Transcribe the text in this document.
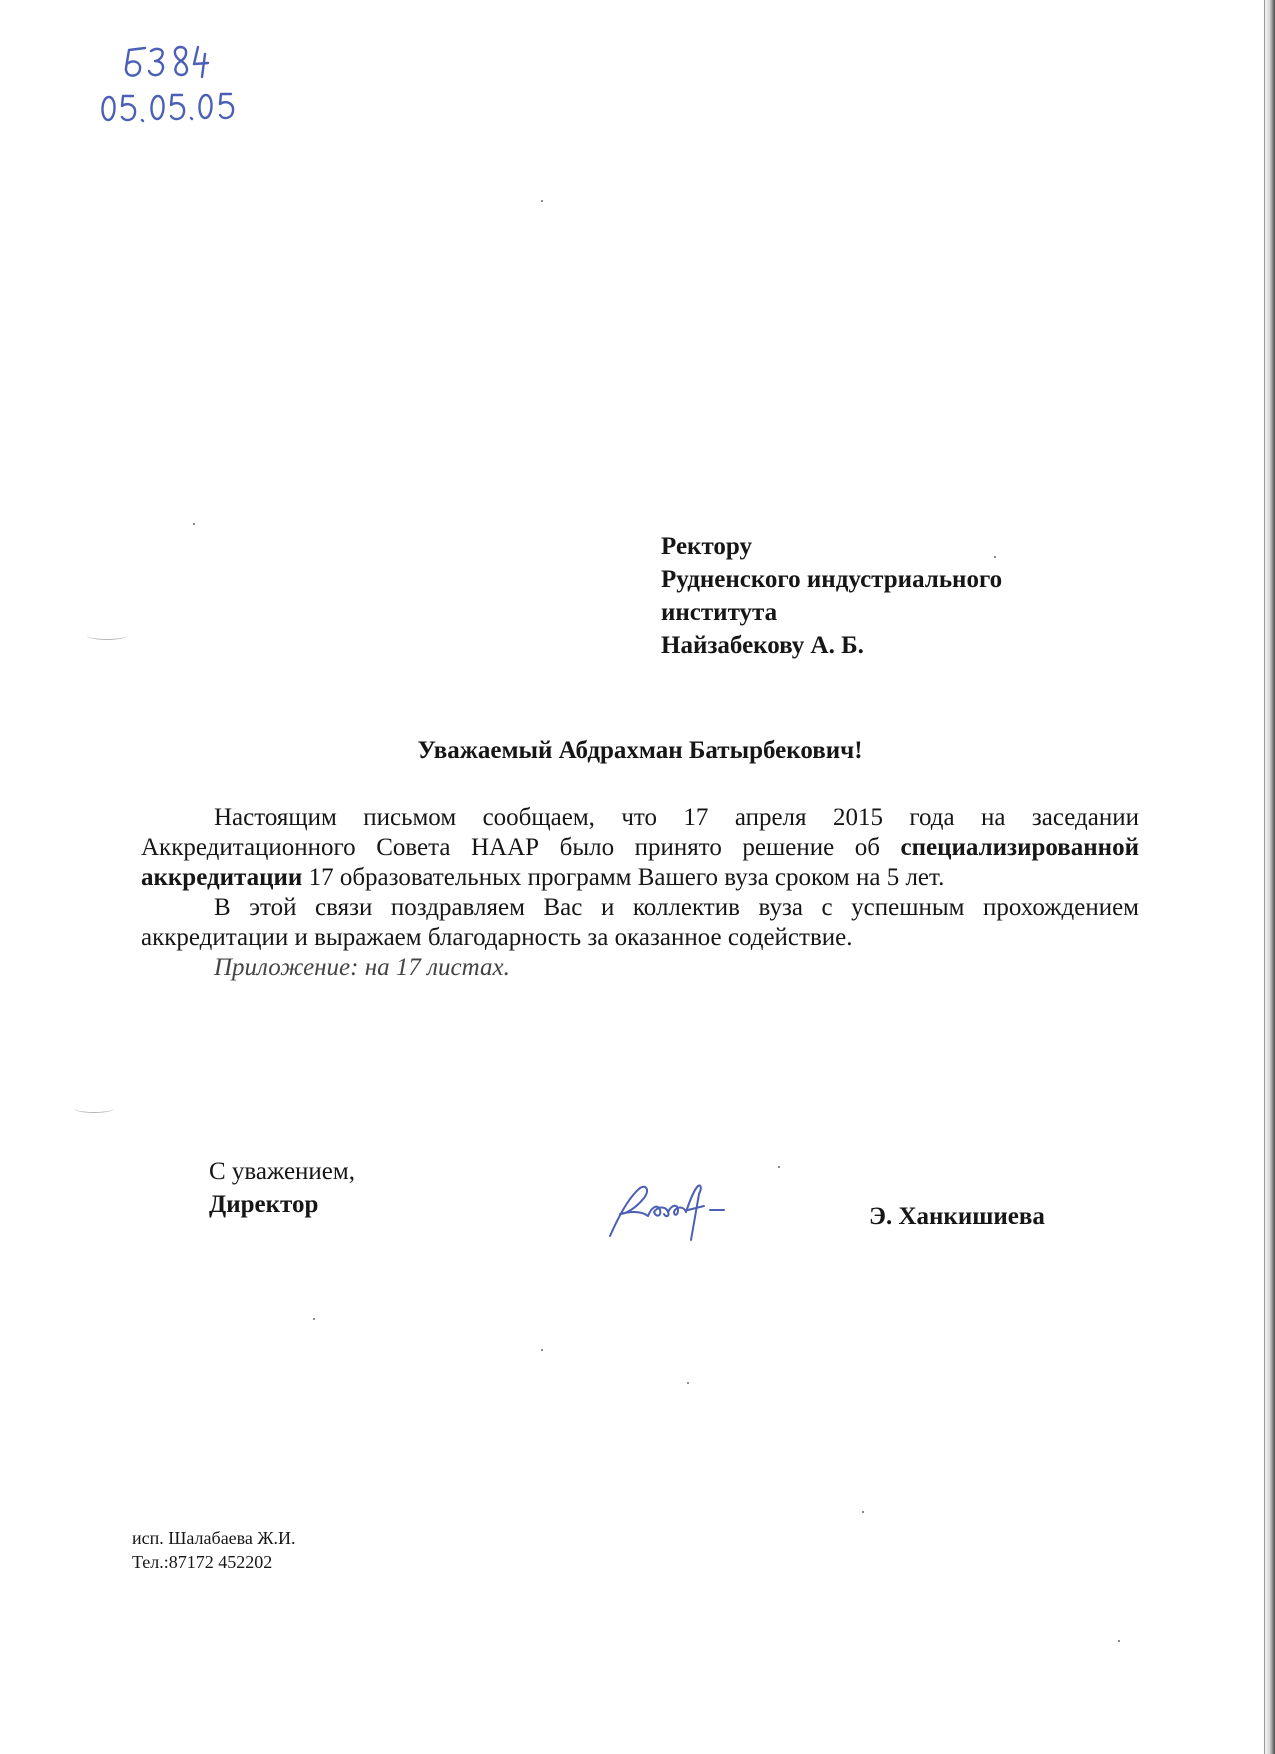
Ректору
Рудненского индустриального
института
Найзабекову А. Б.
Уважаемый Абдрахман Батырбекович!

Настоящим письмом сообщаем, что 17 апреля 2015 года на заседании Аккредитационного Совета НААР было принято решение об специализированной аккредитации 17 образовательных программ Вашего вуза сроком на 5 лет.

В этой связи поздравляем Вас и коллектив вуза с успешным прохождением аккредитации и выражаем благодарность за оказанное содействие.

Приложение: на 17 листах.

С уважением,
Директор	Э. Ханкишиева
исп. Шалабаева Ж.И.
Тел.:87172 452202
